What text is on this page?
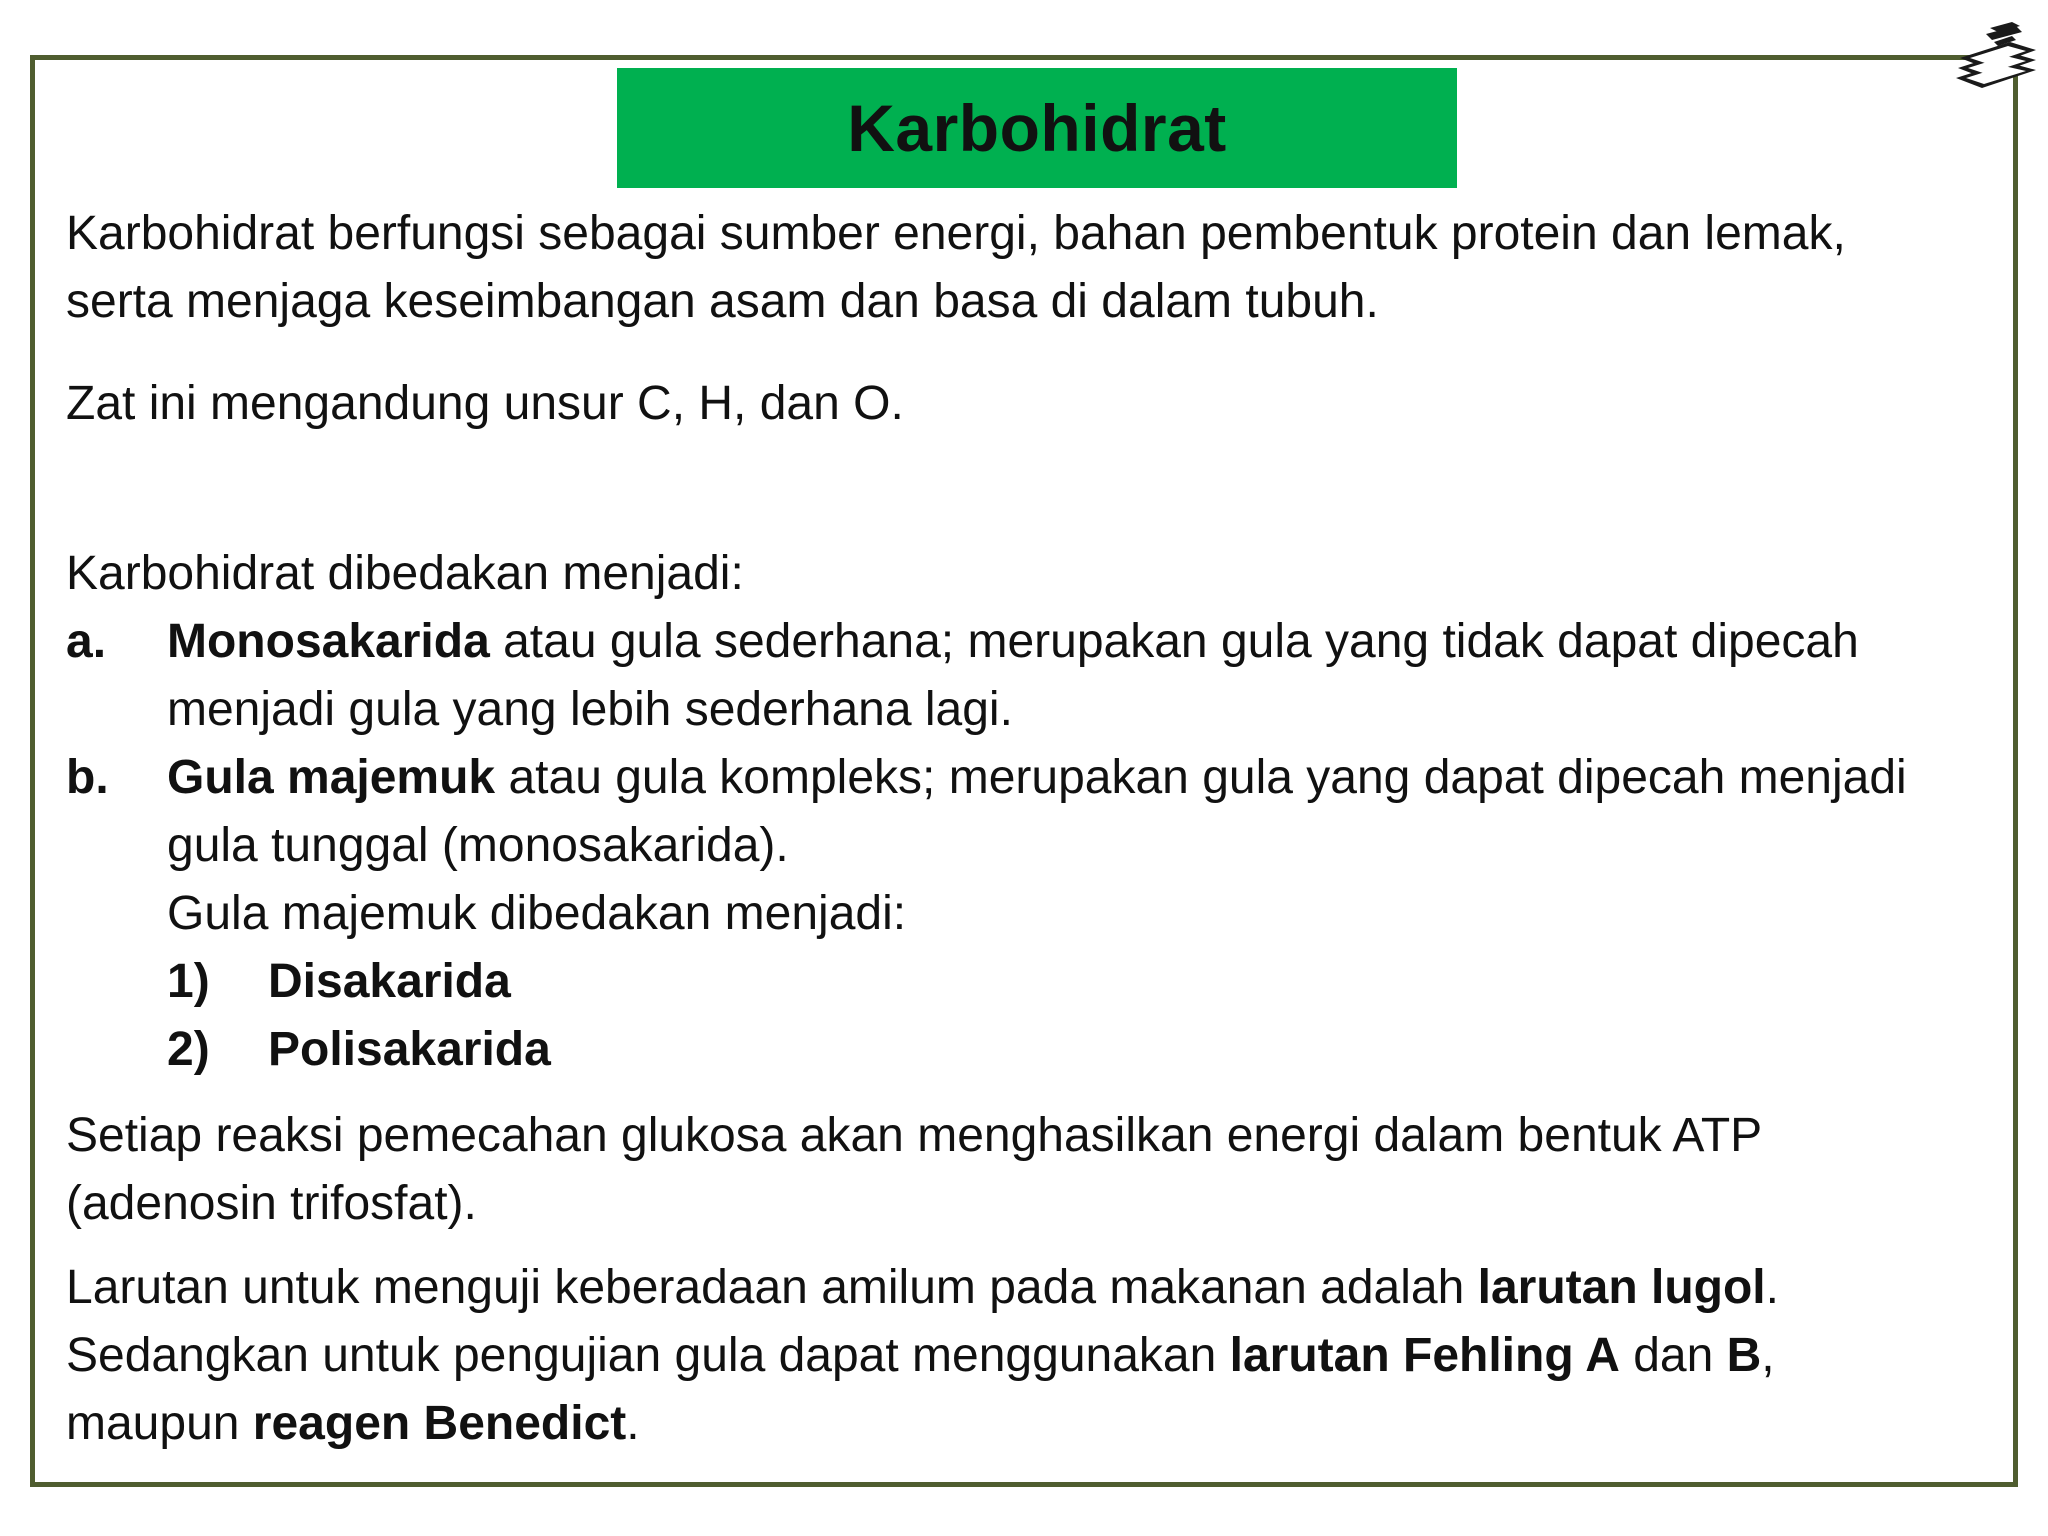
Karbohidrat

Karbohidrat berfungsi sebagai sumber energi, bahan pembentuk protein dan lemak,

serta menjaga keseimbangan asam dan basa di dalam tubuh.

Zat ini mengandung unsur C, H, dan O.

Karbohidrat dibedakan menjadi:

a. Monosakarida atau gula sederhana; merupakan gula yang tidak dapat dipecah

menjadi gula yang lebih sederhana lagi.

b. Gula majemuk atau gula kompleks; merupakan gula yang dapat dipecah menjadi

gula tunggal (monosakarida).

Gula majemuk dibedakan menjadi:

1) Disakarida

2) Polisakarida

Setiap reaksi pemecahan glukosa akan menghasilkan energi dalam bentuk ATP

(adenosin trifosfat).

Larutan untuk menguji keberadaan amilum pada makanan adalah larutan lugol.

Sedangkan untuk pengujian gula dapat menggunakan larutan Fehling A dan B,

maupun reagen Benedict.
